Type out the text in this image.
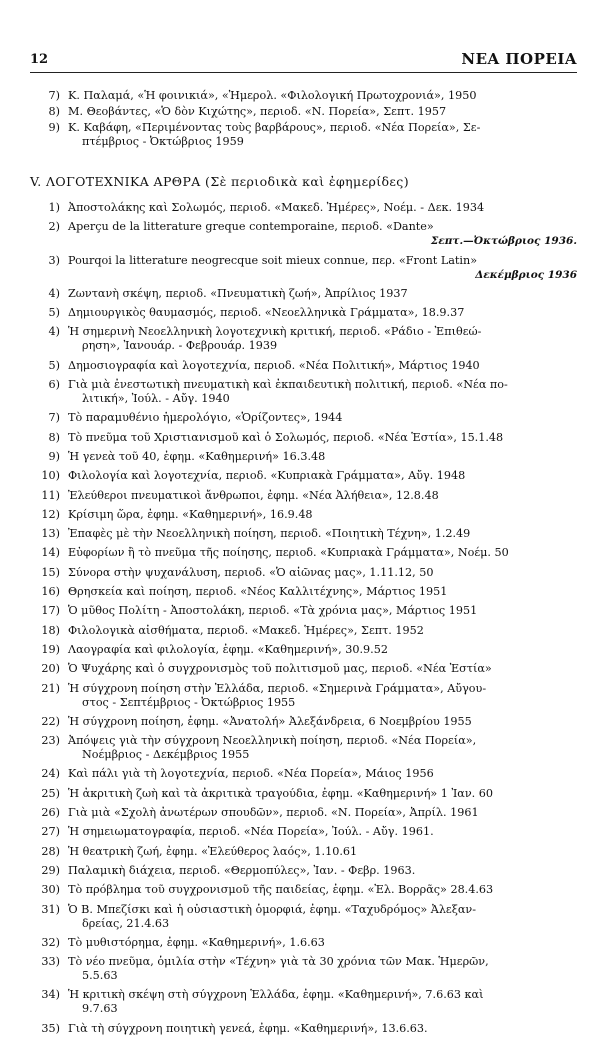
12	ΝΕΑ ΠΟΡΕΙΑ
7) Κ. Παλαμά, «Ἡ φοινικιά», «Ἡμερολ. «Φιλολογική Πρωτοχρονιά», 1950
8) Μ. Θεοβάντες, «Ὁ δὸν Κιχώτης», περιοδ. «Ν. Πορεία», Σεπτ. 1957
9) Κ. Καβάφη, «Περιμένοντας τοὺς βαρβάρους», περιοδ. «Νέα Πορεία», Σε-
πτέμβριος - Ὀκτώβριος 1959
V. ΛΟΓΟΤΕΧΝΙΚΑ ΑΡΘΡΑ (Σὲ περιοδικὰ καὶ ἐφημερίδες)
1) Ἀποστολάκης καὶ Σολωμός, περιοδ. «Μακεδ. Ἡμέρες», Νοέμ. - Δεκ. 1934
2) Aperçu de la litterature greque contemporaine, περιοδ. «Dante»
Σεπτ.—Ὀκτώβριος 1936.
3) Pourqoi la litterature neogrecque soit mieux connue, περ. «Front Latin»
Δεκέμβριος 1936
4) Ζωντανὴ σκέψη, περιοδ. «Πνευματικὴ ζωή», Ἀπρίλιος 1937
5) Δημιουργικὸς θαυμασμός, περιοδ. «Νεοελληνικὰ Γράμματα», 18.9.37
4) Ἡ σημερινὴ Νεοελληνικὴ λογοτεχνικὴ κριτική, περιοδ. «Ράδιο - Ἐπιθεώ-
ρηση», Ἰανουάρ. - Φεβρουάρ. 1939
5) Δημοσιογραφία καὶ λογοτεχνία, περιοδ. «Νέα Πολιτική», Μάρτιος 1940
6) Γιὰ μιὰ ἐνεστωτικὴ πνευματικὴ καὶ ἐκπαιδευτικὴ πολιτική, περιοδ. «Νέα πο-
λιτική», Ἰούλ. - Αὔγ. 1940
7) Τὸ παραμυθένιο ἡμερολόγιο, «Ὁρίζοντες», 1944
8) Τὸ πνεῦμα τοῦ Χριστιανισμοῦ καὶ ὁ Σολωμός, περιοδ. «Νέα Ἑστία», 15.1.48
9) Ἡ γενεὰ τοῦ 40, ἐφημ. «Καθημερινή» 16.3.48
10) Φιλολογία καὶ λογοτεχνία, περιοδ. «Κυπριακὰ Γράμματα», Αὔγ. 1948
11) Ἐλεύθεροι πνευματικοὶ ἄνθρωποι, ἐφημ. «Νέα Ἀλήθεια», 12.8.48
12) Κρίσιμη ὥρα, ἐφημ. «Καθημερινή», 16.9.48
13) Ἐπαφὲς μὲ τὴν Νεοελληνικὴ ποίηση, περιοδ. «Ποιητικὴ Τέχνη», 1.2.49
14) Εὐφορίων ἢ τὸ πνεῦμα τῆς ποίησης, περιοδ. «Κυπριακὰ Γράμματα», Νοέμ. 50
15) Σύνορα στὴν ψυχανάλυση, περιοδ. «Ὁ αἰῶνας μας», 1.11.12, 50
16) Θρησκεία καὶ ποίηση, περιοδ. «Νέος Καλλιτέχνης», Μάρτιος 1951
17) Ὁ μῦθος Πολίτη - Ἀποστολάκη, περιοδ. «Τὰ χρόνια μας», Μάρτιος 1951
18) Φιλολογικὰ αἰσθήματα, περιοδ. «Μακεδ. Ἡμέρες», Σεπτ. 1952
19) Λαογραφία καὶ φιλολογία, ἐφημ. «Καθημερινή», 30.9.52
20) Ὁ Ψυχάρης καὶ ὁ συγχρονισμὸς τοῦ πολιτισμοῦ μας, περιοδ. «Νέα Ἑστία»
21) Ἡ σύγχρονη ποίηση στὴν Ἑλλάδα, περιοδ. «Σημερινὰ Γράμματα», Αὔγου-
στος - Σεπτέμβριος - Ὀκτώβριος 1955
22) Ἡ σύγχρονη ποίηση, ἐφημ. «Ἀνατολή» Ἀλεξάνδρεια, 6 Νοεμβρίου 1955
23) Ἀπόψεις γιὰ τὴν σύγχρονη Νεοελληνικὴ ποίηση, περιοδ. «Νέα Πορεία»,
Νοέμβριος - Δεκέμβριος 1955
24) Καὶ πάλι γιὰ τὴ λογοτεχνία, περιοδ. «Νέα Πορεία», Μάιος 1956
25) Ἡ ἀκριτικὴ ζωὴ καὶ τὰ ἀκριτικὰ τραγούδια, ἐφημ. «Καθημερινή» 1 Ἰαν. 60
26) Γιὰ μιὰ «Σχολὴ ἀνωτέρων σπουδῶν», περιοδ. «Ν. Πορεία», Ἀπρίλ. 1961
27) Ἡ σημειωματογραφία, περιοδ. «Νέα Πορεία», Ἰούλ. - Αὔγ. 1961.
28) Ἡ θεατρικὴ ζωή, ἐφημ. «Ἐλεύθερος λαός», 1.10.61
29) Παλαμικὴ διάχεια, περιοδ. «Θερμοπύλες», Ἰαν. - Φεβρ. 1963.
30) Τὸ πρόβλημα τοῦ συγχρονισμοῦ τῆς παιδείας, ἐφημ. «Ἐλ. Βορρᾶς» 28.4.63
31) Ὁ Β. Μπεζίσκι καὶ ἡ οὐσιαστικὴ ὁμορφιά, ἐφημ. «Ταχυδρόμος» Ἀλεξαν-
δρείας, 21.4.63
32) Τὸ μυθιστόρημα, ἐφημ. «Καθημερινή», 1.6.63
33) Τὸ νέο πνεῦμα, ὁμιλία στὴν «Τέχνη» γιὰ τὰ 30 χρόνια τῶν Μακ. Ἡμερῶν,
5.5.63
34) Ἡ κριτικὴ σκέψη στὴ σύγχρονη Ἑλλάδα, ἐφημ. «Καθημερινή», 7.6.63 καὶ
9.7.63
35) Γιὰ τὴ σύγχρονη ποιητικὴ γενεά, ἐφημ. «Καθημερινή», 13.6.63.
